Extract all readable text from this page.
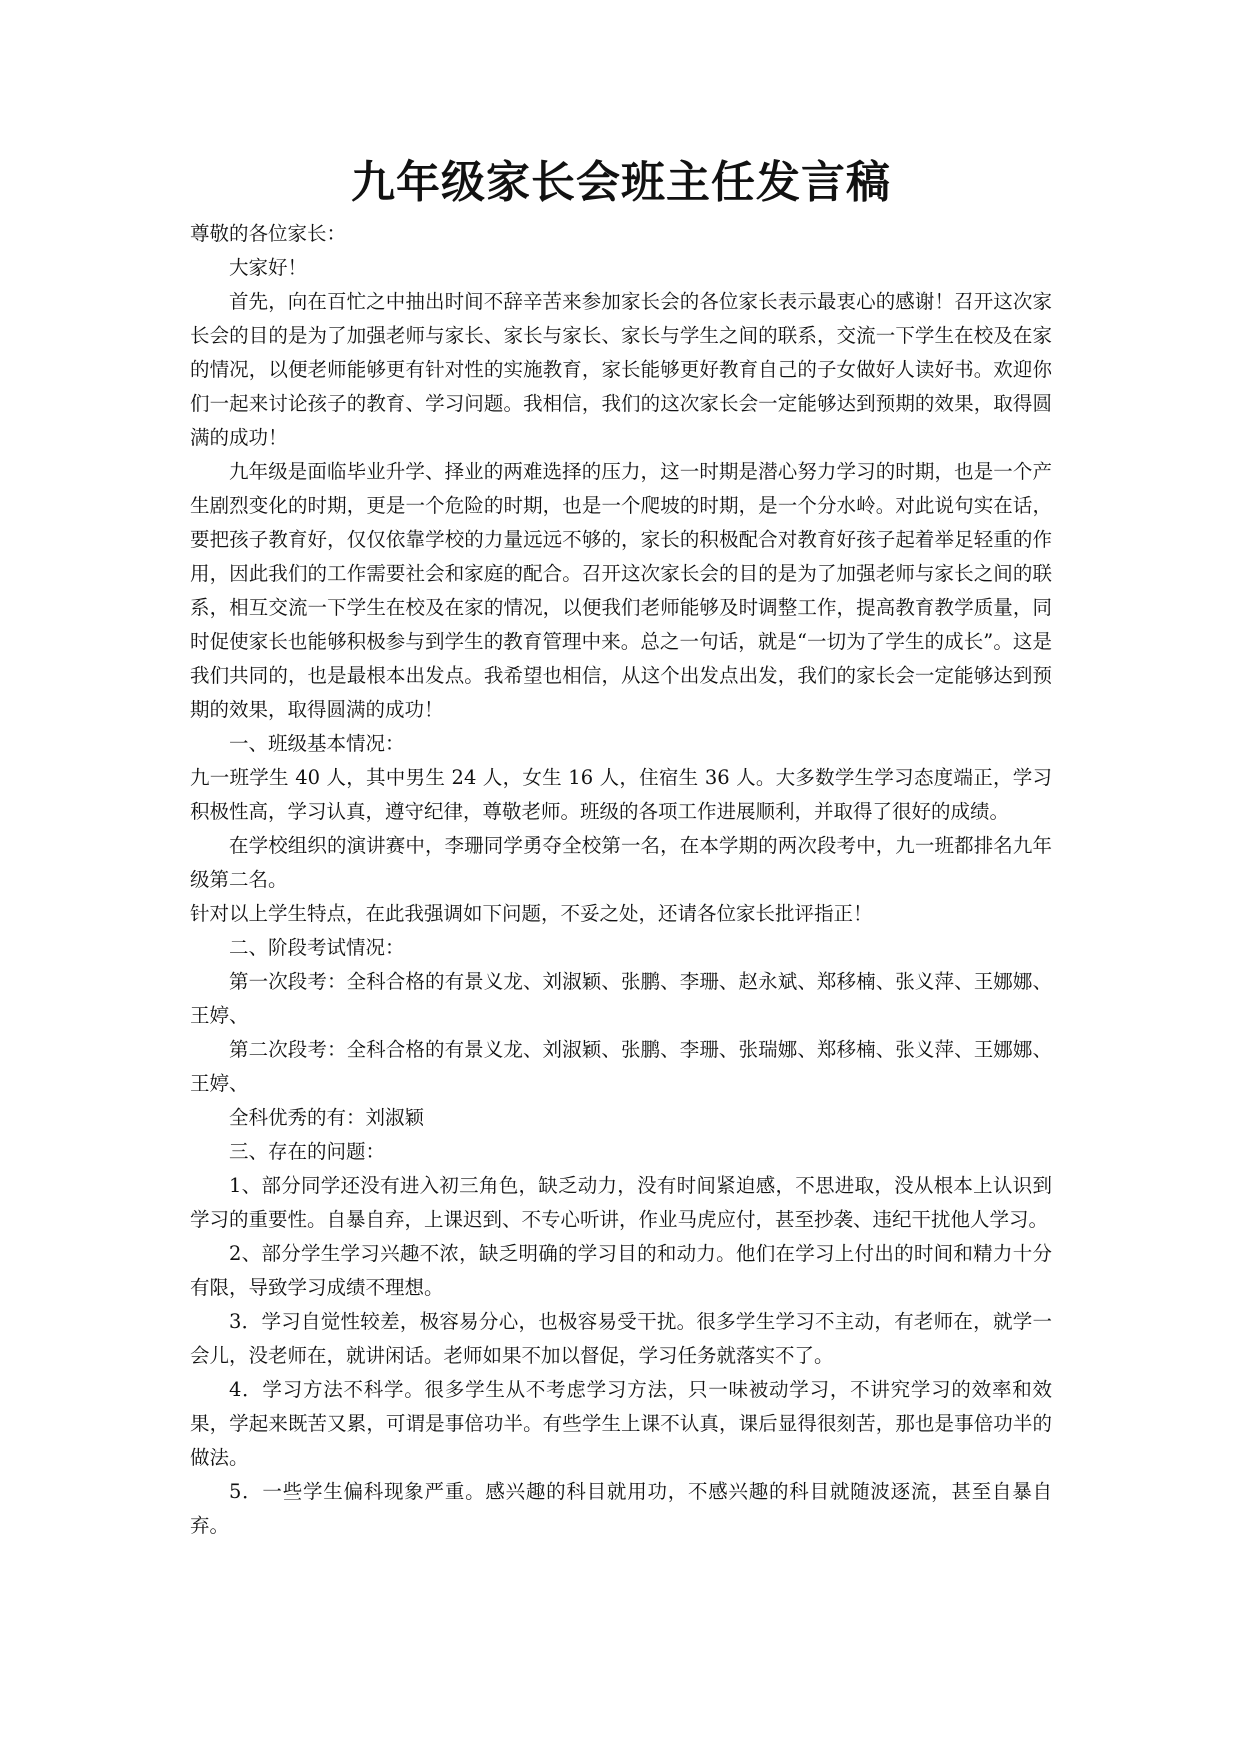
九年级家长会班主任发言稿

尊敬的各位家长：

大家好！

首先，向在百忙之中抽出时间不辞辛苦来参加家长会的各位家长表示最衷心的感谢！召开这次家长会的目的是为了加强老师与家长、家长与家长、家长与学生之间的联系，交流一下学生在校及在家的情况，以便老师能够更有针对性的实施教育，家长能够更好教育自己的子女做好人读好书。欢迎你们一起来讨论孩子的教育、学习问题。我相信，我们的这次家长会一定能够达到预期的效果，取得圆满的成功！

九年级是面临毕业升学、择业的两难选择的压力，这一时期是潜心努力学习的时期，也是一个产生剧烈变化的时期，更是一个危险的时期，也是一个爬坡的时期，是一个分水岭。对此说句实在话，要把孩子教育好，仅仅依靠学校的力量远远不够的，家长的积极配合对教育好孩子起着举足轻重的作用，因此我们的工作需要社会和家庭的配合。召开这次家长会的目的是为了加强老师与家长之间的联系，相互交流一下学生在校及在家的情况，以便我们老师能够及时调整工作，提高教育教学质量，同时促使家长也能够积极参与到学生的教育管理中来。总之一句话，就是“一切为了学生的成长”。这是我们共同的，也是最根本出发点。我希望也相信，从这个出发点出发，我们的家长会一定能够达到预期的效果，取得圆满的成功！

一、班级基本情况：

九一班学生 40 人，其中男生 24 人，女生 16 人，住宿生 36 人。大多数学生学习态度端正，学习积极性高，学习认真，遵守纪律，尊敬老师。班级的各项工作进展顺利，并取得了很好的成绩。

在学校组织的演讲赛中，李珊同学勇夺全校第一名，在本学期的两次段考中，九一班都排名九年级第二名。

针对以上学生特点，在此我强调如下问题，不妥之处，还请各位家长批评指正！

二、阶段考试情况：

第一次段考：全科合格的有景义龙、刘淑颖、张鹏、李珊、赵永斌、郑移楠、张义萍、王娜娜、王婷、

第二次段考：全科合格的有景义龙、刘淑颖、张鹏、李珊、张瑞娜、郑移楠、张义萍、王娜娜、王婷、

全科优秀的有：刘淑颖

三、存在的问题：

1、部分同学还没有进入初三角色，缺乏动力，没有时间紧迫感，不思进取，没从根本上认识到学习的重要性。自暴自弃，上课迟到、不专心听讲，作业马虎应付，甚至抄袭、违纪干扰他人学习。

2、部分学生学习兴趣不浓，缺乏明确的学习目的和动力。他们在学习上付出的时间和精力十分有限，导致学习成绩不理想。

3．学习自觉性较差，极容易分心，也极容易受干扰。很多学生学习不主动，有老师在，就学一会儿，没老师在，就讲闲话。老师如果不加以督促，学习任务就落实不了。

4．学习方法不科学。很多学生从不考虑学习方法，只一味被动学习，不讲究学习的效率和效果，学起来既苦又累，可谓是事倍功半。有些学生上课不认真，课后显得很刻苦，那也是事倍功半的做法。

5．一些学生偏科现象严重。感兴趣的科目就用功，不感兴趣的科目就随波逐流，甚至自暴自弃。
